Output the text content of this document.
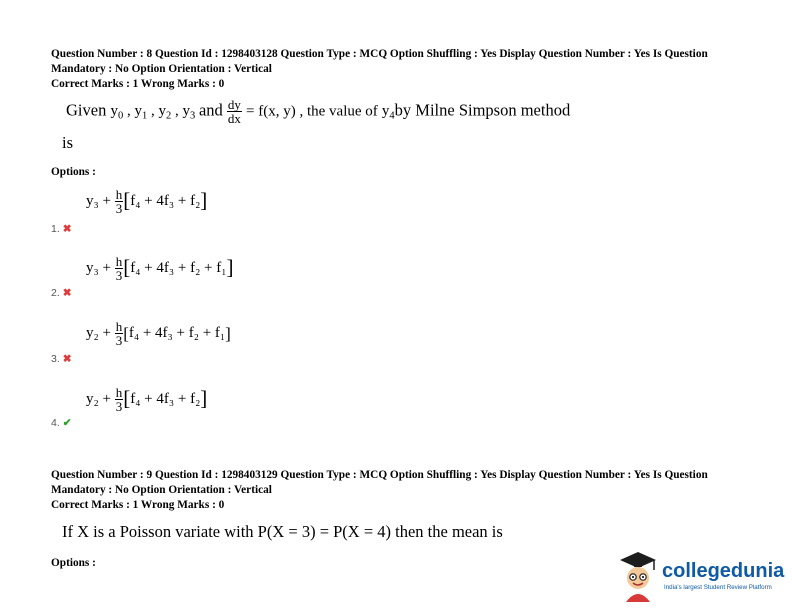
Question Number : 8 Question Id : 1298403128 Question Type : MCQ Option Shuffling : Yes Display Question Number : Yes Is Question
Mandatory : No Option Orientation : Vertical
Correct Marks : 1 Wrong Marks : 0
Given $y_0$ , $y_1$ , $y_2$ , $y_3$ and $\frac{dy}{dx} = f(x$, y) , the value of $y_4by$ Milne Simpson method
is
Options :
$y_3 + \frac{h}{3} [f_4 + 4f_3 + f_2]$
1. ✖
$y_3 + \frac{h}{3} [f_4 + 4f_3 + f_2 + f_1]$
2. ✖
$y_2 + \frac{h}{3} [f_4 + 4f_3 + f_2 + f_1]$
3. ✖
$y_2 + \frac{h}{3} [f_4 + 4f_3 + f_2]$
4. ✔
Question Number : 9 Question Id : 1298403129 Question Type : MCQ Option Shuffling : Yes Display Question Number : Yes Is Question
Mandatory : No Option Orientation : Vertical
Correct Marks : 1 Wrong Marks : 0
If X is a Poisson variate with P(X = 3) = P(X = 4) then the mean is
Options :	collegedunia
India's largest Student Review Platform
